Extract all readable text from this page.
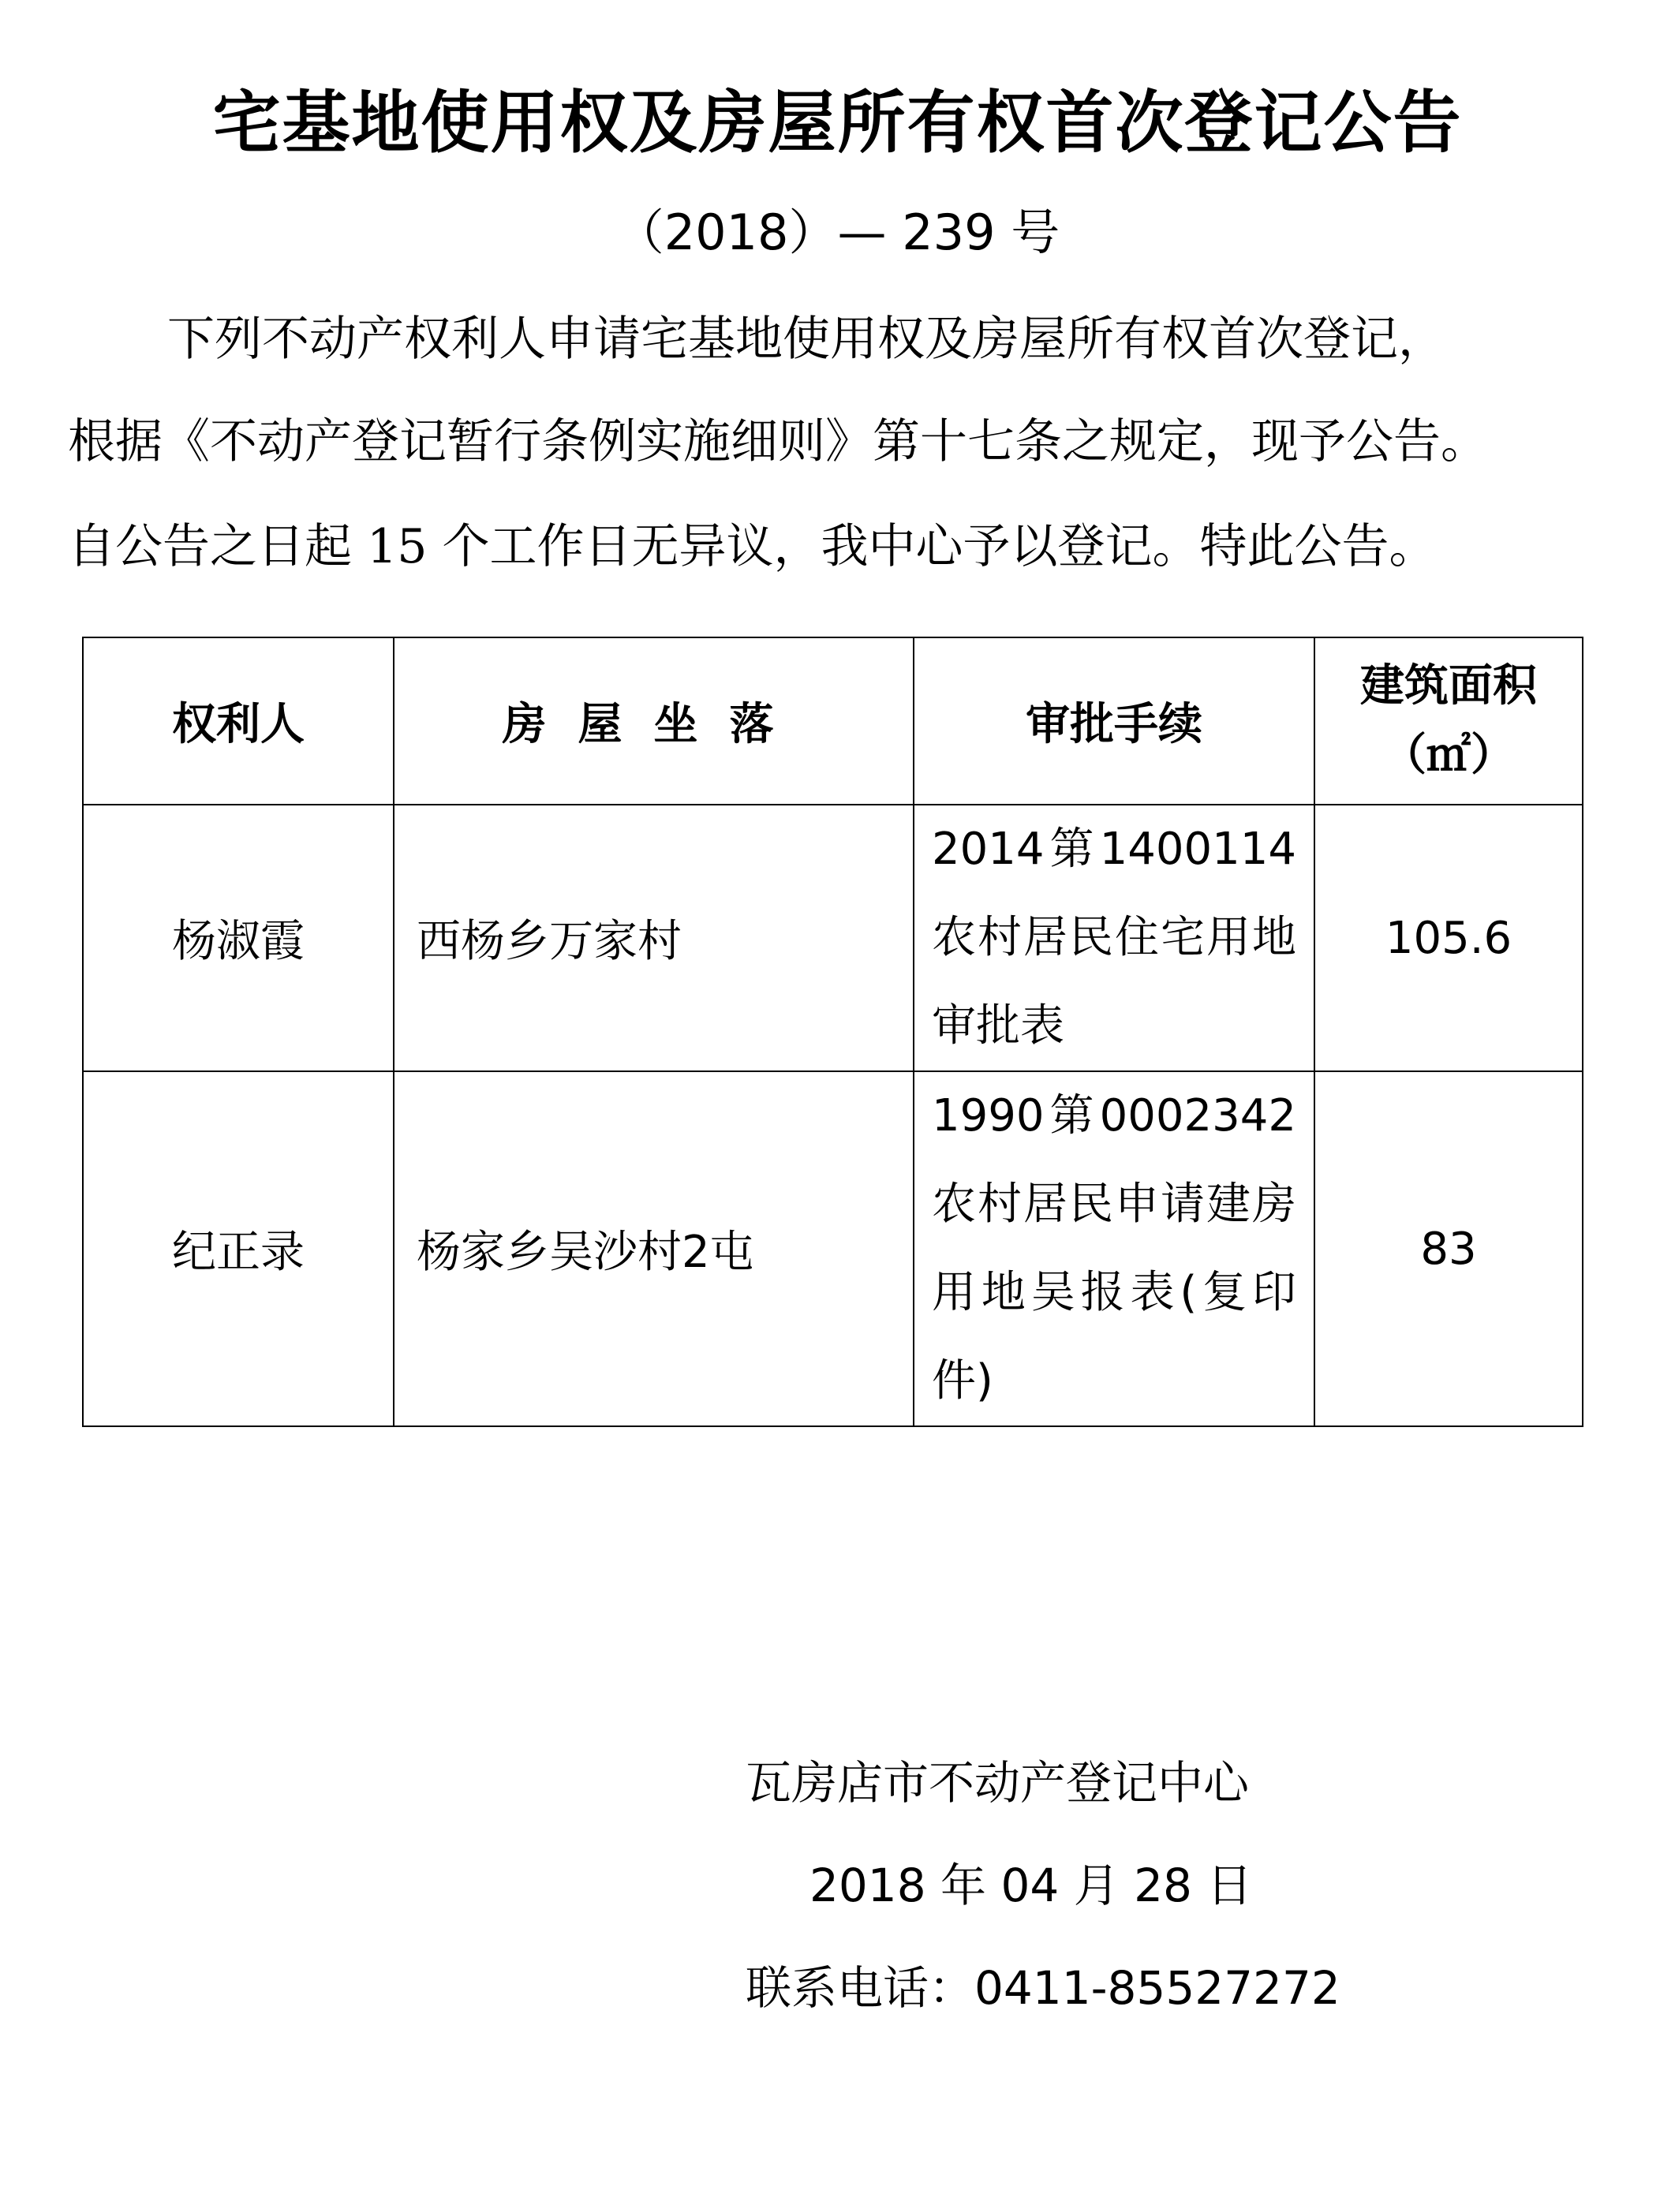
宅基地使用权及房屋所有权首次登记公告
（2018）— 239 号
下列不动产权利人申请宅基地使用权及房屋所有权首次登记，
根据《不动产登记暂行条例实施细则》第十七条之规定，现予公告。
自公告之日起 15 个工作日无异议，我中心予以登记。特此公告。
权利人	房屋坐落	审批手续	建筑面积
（㎡）

杨淑霞	西杨乡万家村	2014第1400114农村居民住宅用地审批表	105.6
纪正录	杨家乡吴沙村2屯	1990第0002342农村居民申请建房用地吴报表(复印件)	83
瓦房店市不动产登记中心
2018 年 04 月 28 日
联系电话：0411-85527272
